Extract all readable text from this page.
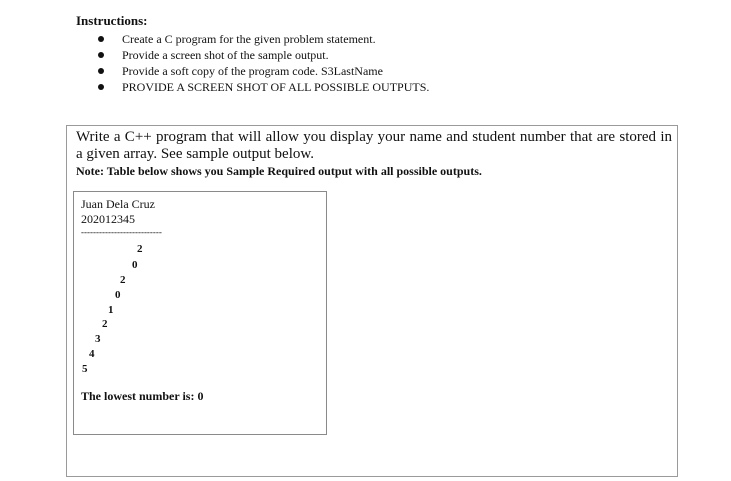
Instructions:
Create a C program for the given problem statement.
Provide a screen shot of the sample output.
Provide a soft copy of the program code. S3LastName
PROVIDE A SCREEN SHOT OF ALL POSSIBLE OUTPUTS.

Write a C++ program that will allow you display your name and student number that are stored in a given array. See sample output below.

Note: Table below shows you Sample Required output with all possible outputs.

Juan Dela Cruz

202012345

---------------------------

2
0
2
0
1
2
3
4
5

The lowest number is: 0
